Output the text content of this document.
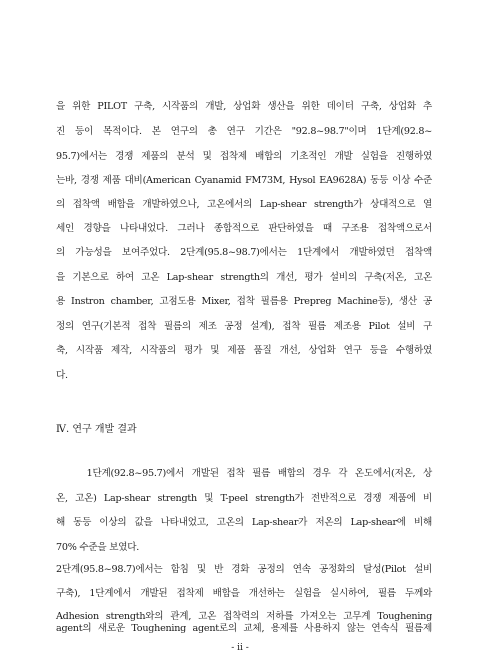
을 위한 PILOT 구축, 시작품의 개발, 상업화 생산을 위한 데이터 구축, 상업화 추
진 등이 목적이다. 본 연구의 총 연구 기간은 "92.8~98.7"이며 1단계(92.8~
95.7)에서는 경쟁 제품의 분석 및 접착제 배합의 기초적인 개발 실험을 진행하였
는바, 경쟁 제품 대비(American Cyanamid FM73M, Hysol EA9628A) 동등 이상 수준
의 접착액 배합을 개발하였으나, 고온에서의 Lap-shear strength가 상대적으로 열
세인 경향을 나타내었다. 그러나 종합적으로 판단하였을 때 구조용 접착액으로서
의 가능성을 보여주었다. 2단계(95.8~98.7)에서는 1단계에서 개발하였던 접착액
을 기본으로 하여 고온 Lap-shear strength의 개선, 평가 설비의 구축(저온, 고온
용 Instron chamber, 고점도용 Mixer, 접착 필름용 Prepreg Machine등), 생산 공
정의 연구(기본적 접착 필름의 제조 공정 설계), 접착 필름 제조용 Pilot 설비 구
축, 시작품 제작, 시작품의 평가 및 제품 품질 개선, 상업화 연구 등을 수행하였
다.
Ⅳ. 연구 개발 결과
1단계(92.8~95.7)에서 개발된 접착 필름 배합의 경우 각 온도에서(저온, 상
온, 고온) Lap-shear strength 및 T-peel strength가 전반적으로 경쟁 제품에 비
해 동등 이상의 값을 나타내었고, 고온의 Lap-shear가 저온의 Lap-shear에 비해
70% 수준을 보였다.
2단계(95.8~98.7)에서는 함침 및 반 경화 공정의 연속 공정화의 달성(Pilot 설비
구축), 1단계에서 개발된 접착제 배합을 개선하는 실험을 실시하여, 필름 두께와
Adhesion strength와의 관계, 고온 접착력의 저하를 가져오는 고무계 Toughening
agent의 새로운 Toughening agent로의 교체, 용제를 사용하지 않는 연속식 필름제
- ii -
